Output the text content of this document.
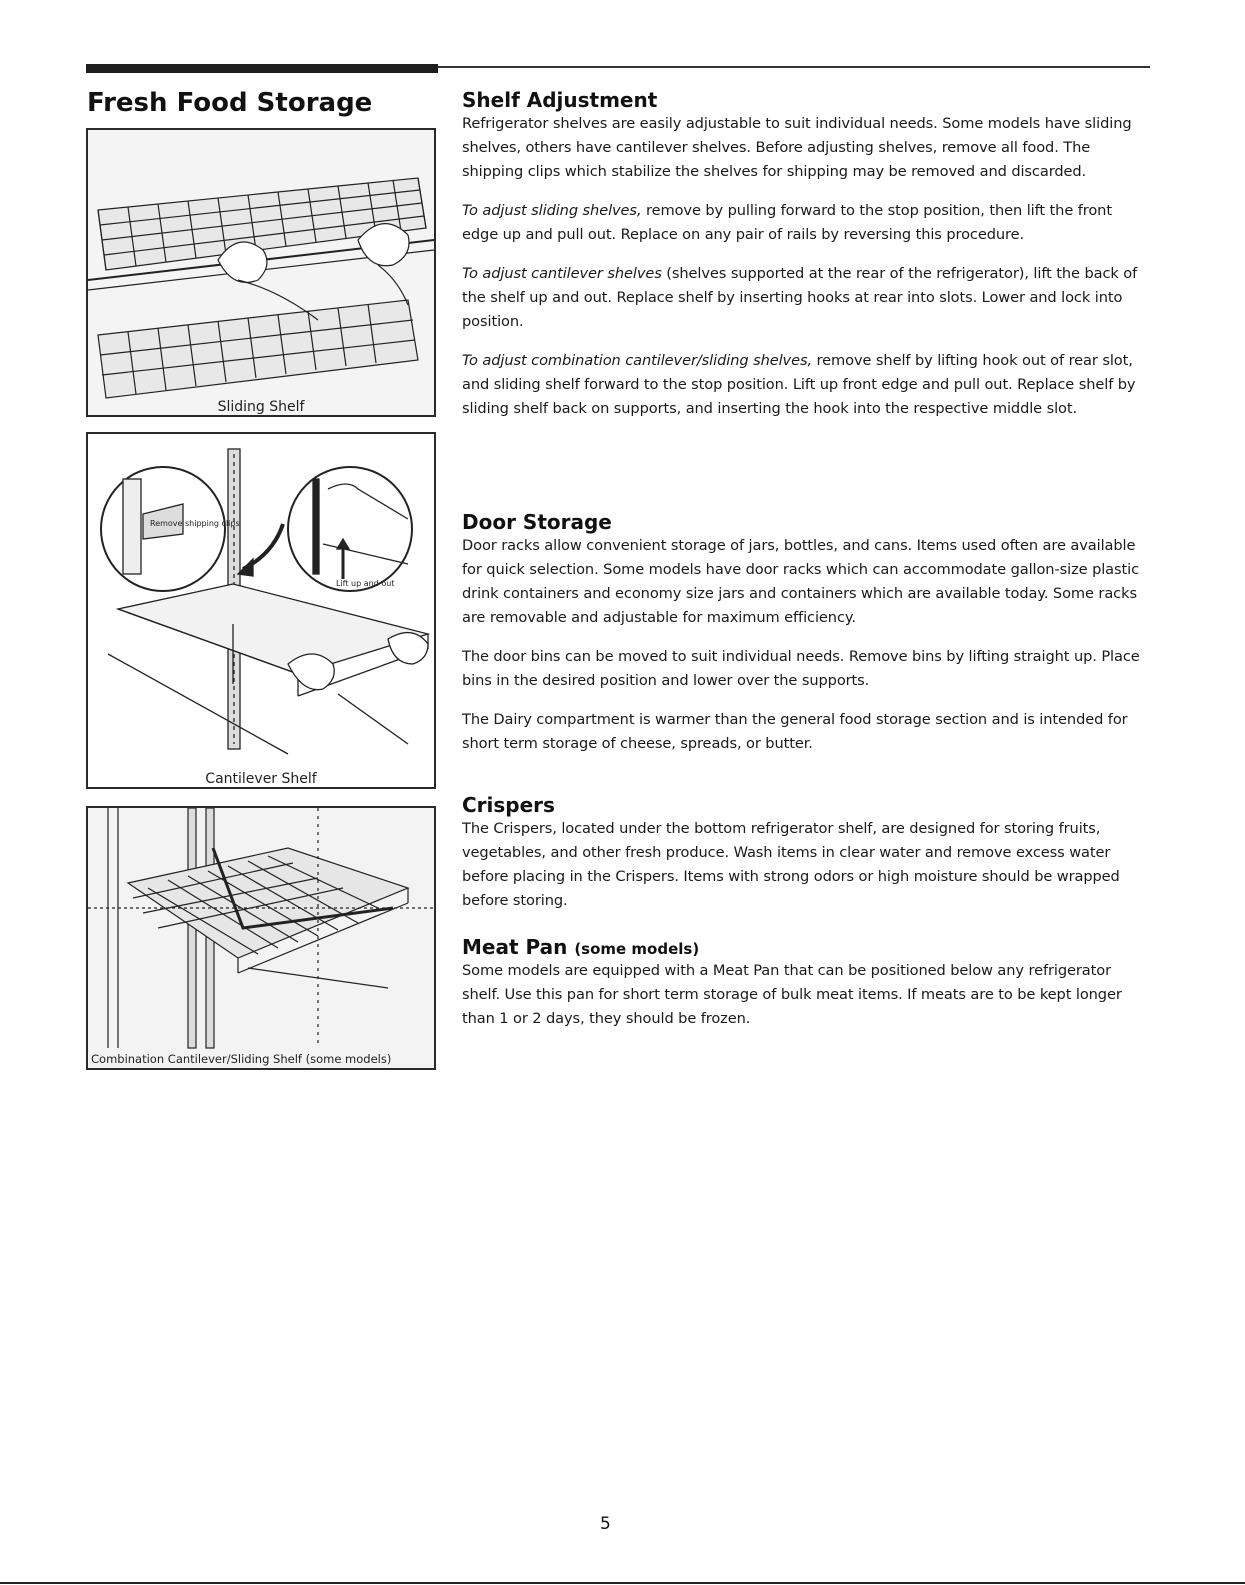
Fresh Food Storage
Sliding Shelf
Remove shipping clips
Lift up and out
Cantilever Shelf
Combination Cantilever/Sliding Shelf (some models)
Shelf Adjustment

Refrigerator shelves are easily adjustable to suit individual needs. Some models have sliding shelves, others have cantilever shelves. Before adjusting shelves, remove all food. The shipping clips which stabilize the shelves for shipping may be removed and discarded.

To adjust sliding shelves, remove by pulling forward to the stop position, then lift the front edge up and pull out. Replace on any pair of rails by reversing this procedure.

To adjust cantilever shelves (shelves supported at the rear of the refrigerator), lift the back of the shelf up and out. Replace shelf by inserting hooks at rear into slots. Lower and lock into position.

To adjust combination cantilever/sliding shelves, remove shelf by lifting hook out of rear slot, and sliding shelf forward to the stop position. Lift up front edge and pull out. Replace shelf by sliding shelf back on supports, and inserting the hook into the respective middle slot.

Door Storage

Door racks allow convenient storage of jars, bottles, and cans. Items used often are available for quick selection. Some models have door racks which can accommodate gallon-size plastic drink containers and economy size jars and containers which are available today. Some racks are removable and adjustable for maximum efficiency.

The door bins can be moved to suit individual needs. Remove bins by lifting straight up. Place bins in the desired position and lower over the supports.

The Dairy compartment is warmer than the general food storage section and is intended for short term storage of cheese, spreads, or butter.

Crispers

The Crispers, located under the bottom refrigerator shelf, are designed for storing fruits, vegetables, and other fresh produce. Wash items in clear water and remove excess water before placing in the Crispers. Items with strong odors or high moisture should be wrapped before storing.

Meat Pan (some models)

Some models are equipped with a Meat Pan that can be positioned below any refrigerator shelf. Use this pan for short term storage of bulk meat items. If meats are to be kept longer than 1 or 2 days, they should be frozen.

5
